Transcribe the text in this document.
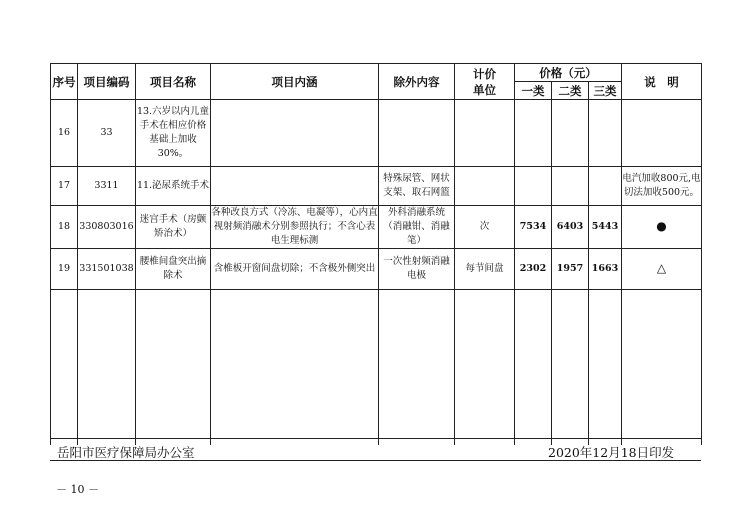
序号	项目编码	项目名称	项目内涵	除外内容	计价单位	价格（元）			说　明
						一类	二类	三类	
16	33	13.六岁以内儿童手术在相应价格基础上加收30%。							
17	3311	11.泌尿系统手术		特殊尿管、网状支架、取石网篮					电汽加收800元,电切法加收500元。
18	330803016	迷宫手术（房颤矫治术）	各种改良方式（冷冻、电凝等），心内直视射频消融术分别参照执行；不含心表电生理标测	外科消融系统（消融钳、消融笔）	次	7534	6403	5443	●
19	331501038	腰椎间盘突出摘除术	含椎板开窗间盘切除；不含极外侧突出	一次性射频消融电极	每节间盘	2302	1957	1663	△

岳阳市医疗保障局办公室	2020年12月18日印发
－ 10 －
